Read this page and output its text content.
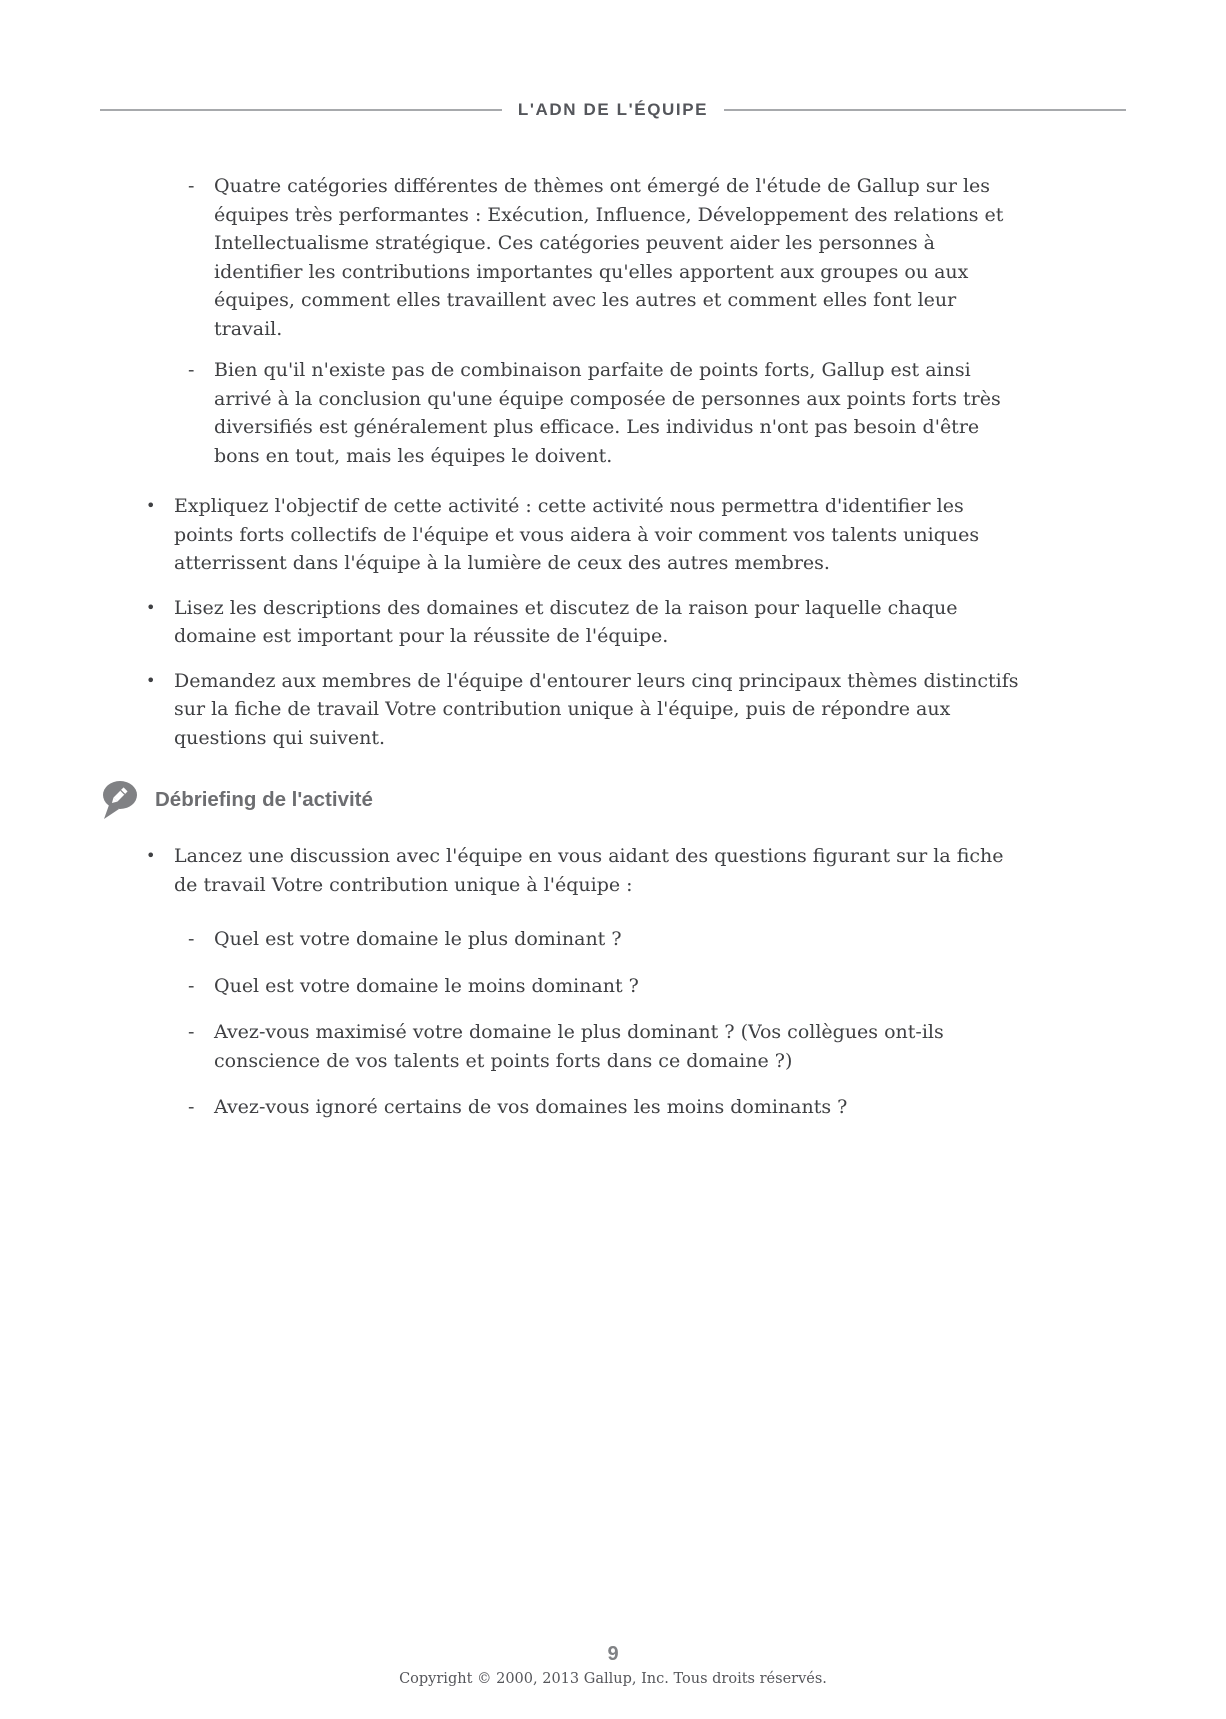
L'ADN DE L'ÉQUIPE
-	Quatre catégories différentes de thèmes ont émergé de l'étude de Gallup sur les équipes très performantes : Exécution, Influence, Développement des relations et Intellectualisme stratégique. Ces catégories peuvent aider les personnes à identifier les contributions importantes qu'elles apportent aux groupes ou aux équipes, comment elles travaillent avec les autres et comment elles font leur travail.

-	Bien qu'il n'existe pas de combinaison parfaite de points forts, Gallup est ainsi arrivé à la conclusion qu'une équipe composée de personnes aux points forts très diversifiés est généralement plus efficace. Les individus n'ont pas besoin d'être bons en tout, mais les équipes le doivent.

• Expliquez l'objectif de cette activité : cette activité nous permettra d'identifier les points forts collectifs de l'équipe et vous aidera à voir comment vos talents uniques atterrissent dans l'équipe à la lumière de ceux des autres membres.

• Lisez les descriptions des domaines et discutez de la raison pour laquelle chaque domaine est important pour la réussite de l'équipe.

• Demandez aux membres de l'équipe d'entourer leurs cinq principaux thèmes distinctifs sur la fiche de travail Votre contribution unique à l'équipe, puis de répondre aux questions qui suivent.

Débriefing de l'activité
• Lancez une discussion avec l'équipe en vous aidant des questions figurant sur la fiche de travail Votre contribution unique à l'équipe :

-	Quel est votre domaine le plus dominant ?

-	Quel est votre domaine le moins dominant ?

-	Avez-vous maximisé votre domaine le plus dominant ? (Vos collègues ont-ils conscience de vos talents et points forts dans ce domaine ?)

-	Avez-vous ignoré certains de vos domaines les moins dominants ?

9
Copyright © 2000, 2013 Gallup, Inc. Tous droits réservés.
